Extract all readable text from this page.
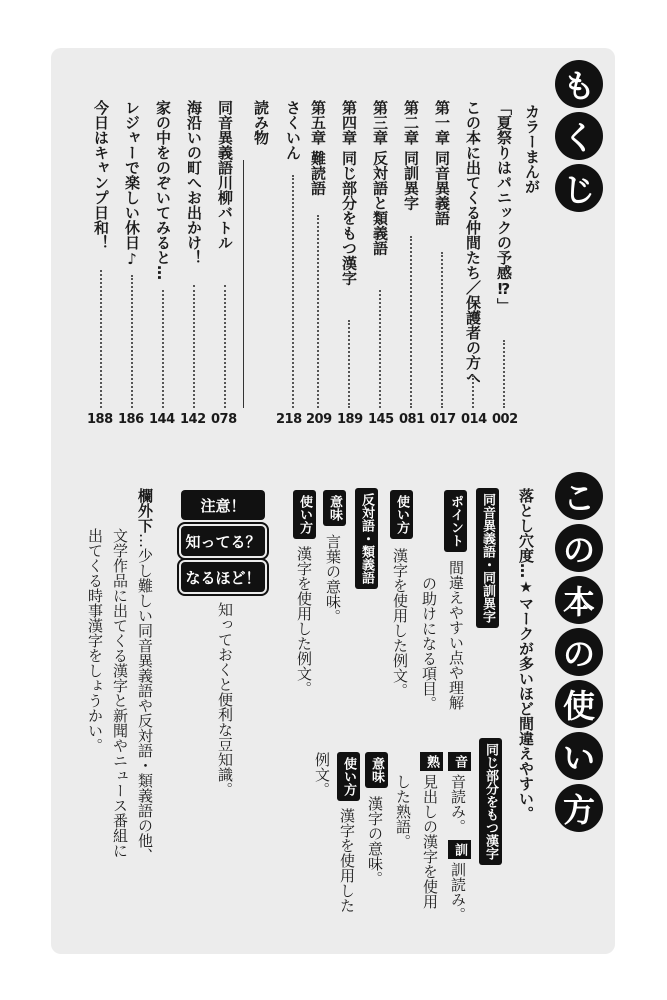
もくじ
カラーまんが
「夏祭りはパニックの予感⁉」
002
この本に出てくる仲間たち／保護者の方へ
014
第一章 同音異義語
017
第二章 同訓異字
081
第三章 反対語と類義語
145
第四章 同じ部分をもつ漢字
189
第五章 難読語
209
さくいん
218
読み物
同音異義語川柳バトル
078
海沿いの町へお出かけ！
142
家の中をのぞいてみると…
144
レジャーで楽しい休日♪
186
今日はキャンプ日和！
188
この本の使い方
落とし穴度…★マークが多いほど間違えやすい。
同音異義語・同訓異字
ポイント
間違えやすい点や理解
の助けになる項目。
使い方
漢字を使用した例文。
同じ部分をもつ漢字
音
音読み。
訓
訓読み。
熟
見出しの漢字を使用
した熟語。
意味
漢字の意味。
使い方
漢字を使用した
例文。
反対語・類義語
意味
言葉の意味。
使い方
漢字を使用した例文。
注意！
知ってる？
なるほど！
知っておくと便利な豆知識。
欄外下…少し難しい同音異義語や反対語・類義語の他、
文学作品に出てくる漢字と新聞やニュース番組に
出てくる時事漢字をしょうかい。
